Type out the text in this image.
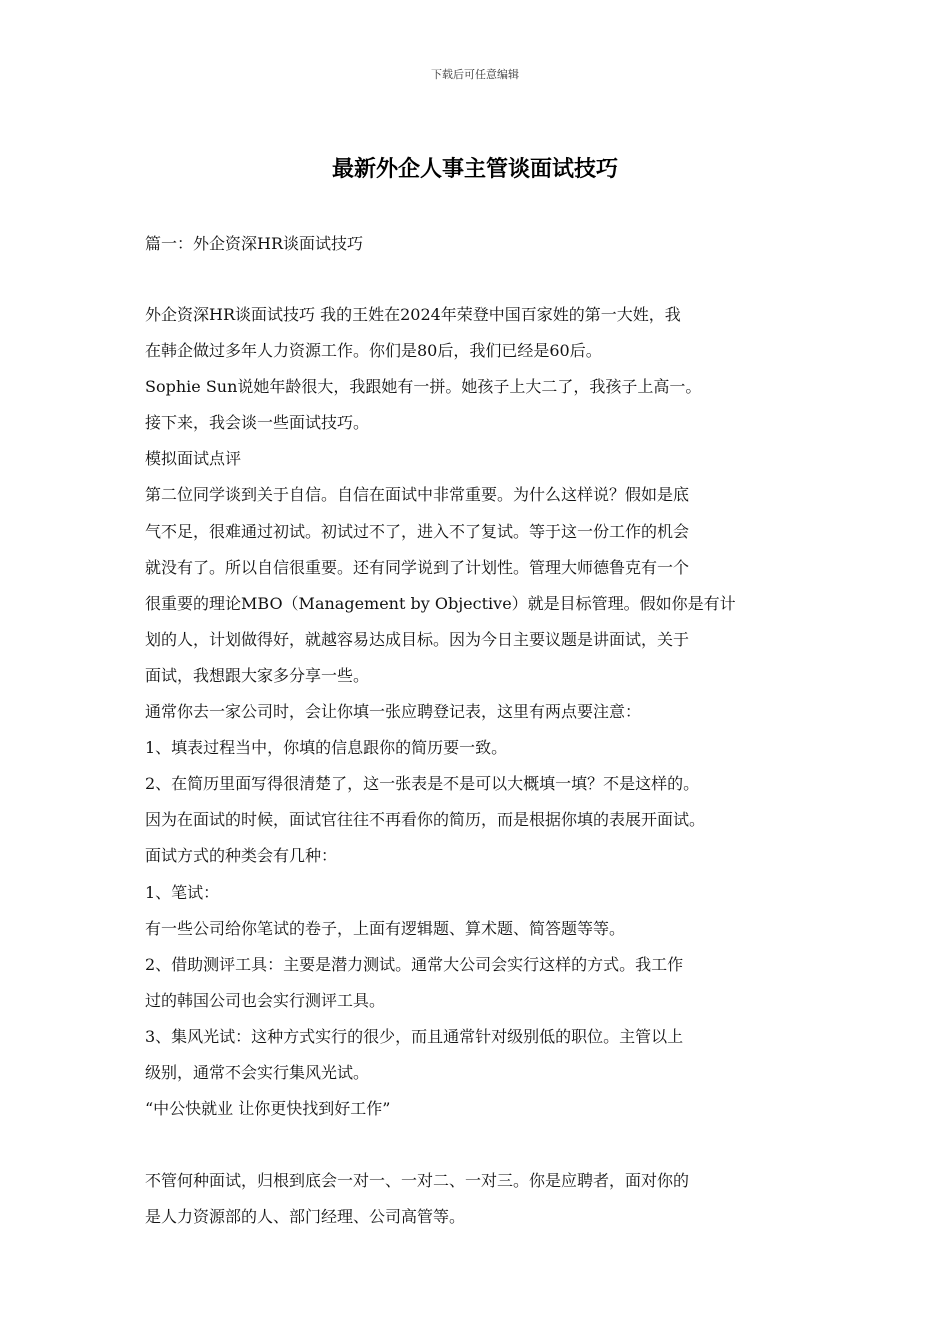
下载后可任意编辑
最新外企人事主管谈面试技巧
篇一：外企资深HR谈面试技巧

外企资深HR谈面试技巧 我的王姓在2024年荣登中国百家姓的第一大姓，我

在韩企做过多年人力资源工作。你们是80后，我们已经是60后。

Sophie Sun说她年龄很大，我跟她有一拼。她孩子上大二了，我孩子上高一。

接下来，我会谈一些面试技巧。

模拟面试点评

第二位同学谈到关于自信。自信在面试中非常重要。为什么这样说？假如是底

气不足，很难通过初试。初试过不了，进入不了复试。等于这一份工作的机会

就没有了。所以自信很重要。还有同学说到了计划性。管理大师德鲁克有一个

很重要的理论MBO（Management by Objective）就是目标管理。假如你是有计

划的人，计划做得好，就越容易达成目标。因为今日主要议题是讲面试，关于

面试，我想跟大家多分享一些。

通常你去一家公司时，会让你填一张应聘登记表，这里有两点要注意：

1、填表过程当中，你填的信息跟你的简历要一致。

2、在简历里面写得很清楚了，这一张表是不是可以大概填一填？不是这样的。

因为在面试的时候，面试官往往不再看你的简历，而是根据你填的表展开面试。

面试方式的种类会有几种：

1、笔试：

有一些公司给你笔试的卷子，上面有逻辑题、算术题、简答题等等。

2、借助测评工具：主要是潜力测试。通常大公司会实行这样的方式。我工作

过的韩国公司也会实行测评工具。

3、集风光试：这种方式实行的很少，而且通常针对级别低的职位。主管以上

级别，通常不会实行集风光试。

“中公快就业 让你更快找到好工作”

不管何种面试，归根到底会一对一、一对二、一对三。你是应聘者，面对你的

是人力资源部的人、部门经理、公司高管等。
